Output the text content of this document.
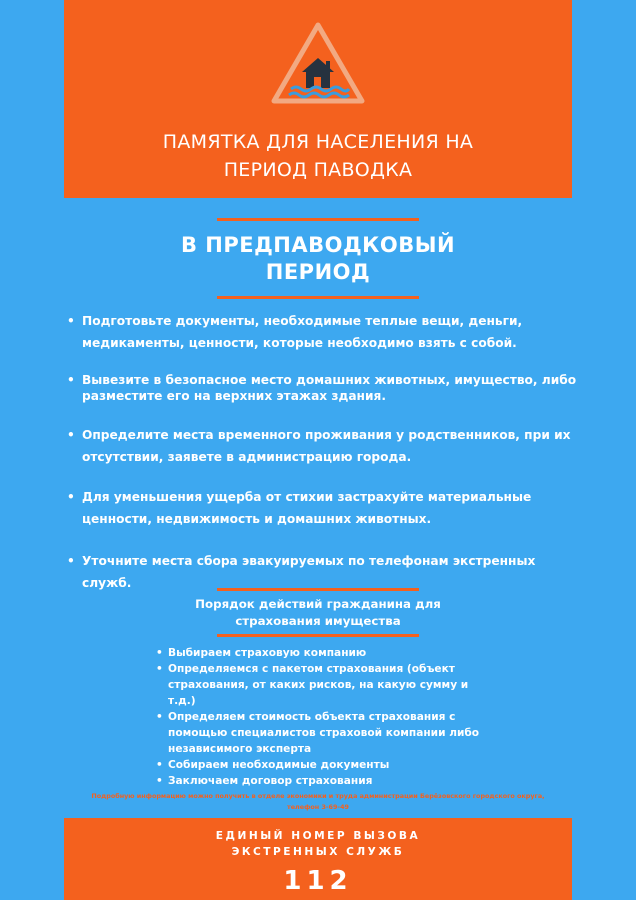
ПАМЯТКА ДЛЯ НАСЕЛЕНИЯ НА
ПЕРИОД ПАВОДКА
В ПРЕДПАВОДКОВЫЙ
ПЕРИОД
• Подготовьте документы, необходимые теплые вещи, деньги,
медикаменты, ценности, которые необходимо взять с собой.
• Вывезите в безопасное место домашних животных, имущество, либо
разместите его на верхних этажах здания.
• Определите места временного проживания у родственников, при их
отсутствии, заявете в администрацию города.
• Для уменьшения ущерба от стихии застрахуйте материальные
ценности, недвижимость и домашних животных.
• Уточните места сбора эвакуируемых по телефонам экстренных служб.
Порядок действий гражданина для
страхования имущества
• Выбираем страховую компанию
• Определяемся с пакетом страхования (объект
страхования, от каких рисков, на какую сумму и
т.д.)
• Определяем стоимость объекта страхования с
помощью специалистов страховой компании либо
независимого эксперта
• Собираем необходимые документы
• Заключаем договор страхования
Подробную информацию можно получить в отделе экономики и труда администрации Берёзовского городского округа,
телефон 3-69-49
ЕДИНЫЙ НОМЕР ВЫЗОВА
ЭКСТРЕННЫХ СЛУЖБ
112
